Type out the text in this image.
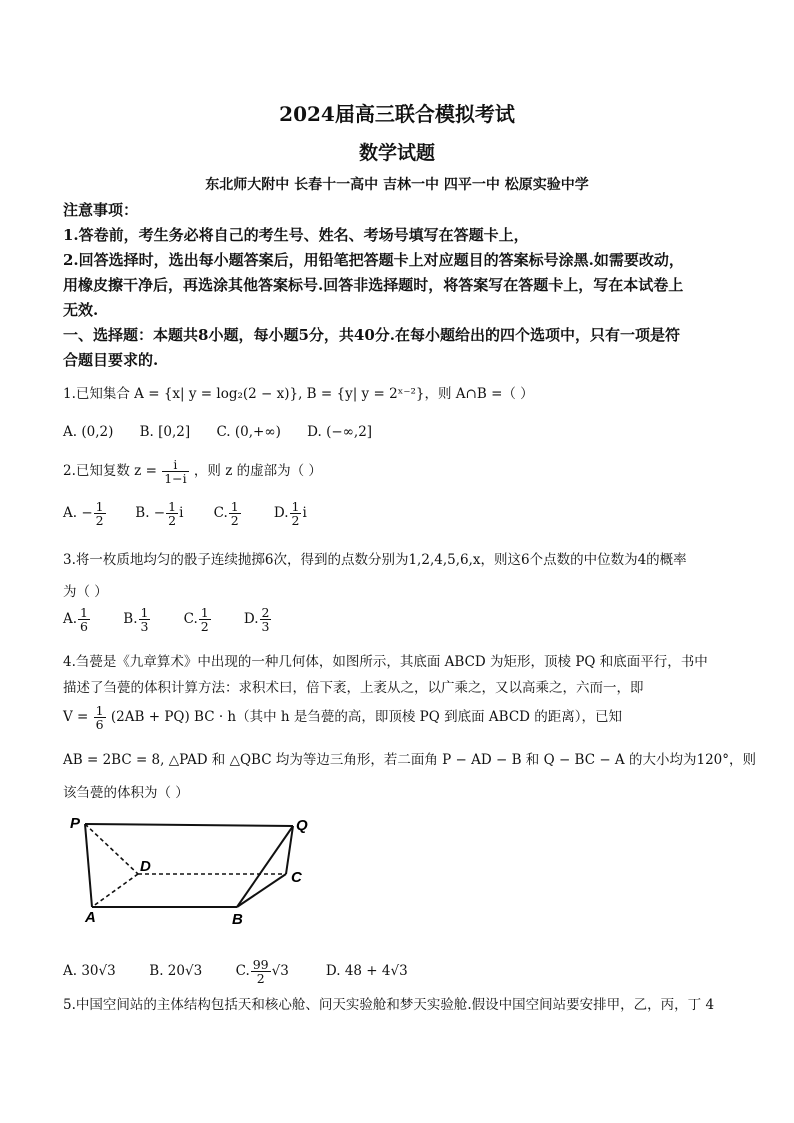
2024届高三联合模拟考试
数学试题
东北师大附中 长春十一高中 吉林一中 四平一中 松原实验中学
注意事项：
1.答卷前，考生务必将自己的考生号、姓名、考场号填写在答题卡上，
2.回答选择时，选出每小题答案后，用铅笔把答题卡上对应题目的答案标号涂黑.如需要改动，
用橡皮擦干净后，再选涂其他答案标号.回答非选择题时，将答案写在答题卡上，写在本试卷上
无效.
一、选择题：本题共8小题，每小题5分，共40分.在每小题给出的四个选项中，只有一项是符
合题目要求的.
1.已知集合 A = {x| y = log₂(2 − x)}, B = {y| y = 2ˣ⁻²}，则 A∩B =（ ）
A. (0,2) B. [0,2] C. (0,+∞) D. (−∞,2]
2.已知复数 $z = \frac{i}{1-i}$ ，则 z 的虚部为（ ）
A. − $\frac{1}{2} B$. − $\frac{1}{2}$ i C. $\frac{1}{2} D$. $\frac{1}{2}$ i
3.将一枚质地均匀的骰子连续抛掷6次，得到的点数分别为1,2,4,5,6,x，则这6个点数的中位数为4的概率
为（ ）
A. $\frac{1}{6} B$. $\frac{1}{3} C$. $\frac{1}{2} D$. $\frac{2}{3}$
4.刍甍是《九章算术》中出现的一种几何体，如图所示，其底面 ABCD 为矩形，顶棱 PQ 和底面平行，书中
描述了刍甍的体积计算方法：求积术曰，倍下袤，上袤从之，以广乘之，又以高乘之，六而一，即
$V = \frac{1}{6} (2AB + PQ)$ BC · h（其中 h 是刍甍的高，即顶棱 PQ 到底面 ABCD 的距离），已知
AB = 2BC = 8, △PAD 和 △QBC 均为等边三角形，若二面角 P − AD − B 和 Q − BC − A 的大小均为120°，则
该刍甍的体积为（ ）
P	Q
D
C
A	B
A. 30√3 B. 20√3 C. $\frac{99}{2} √3$	D. 48 + 4√3
5.中国空间站的主体结构包括天和核心舱、问天实验舱和梦天实验舱.假设中国空间站要安排甲，乙，丙，丁 4
